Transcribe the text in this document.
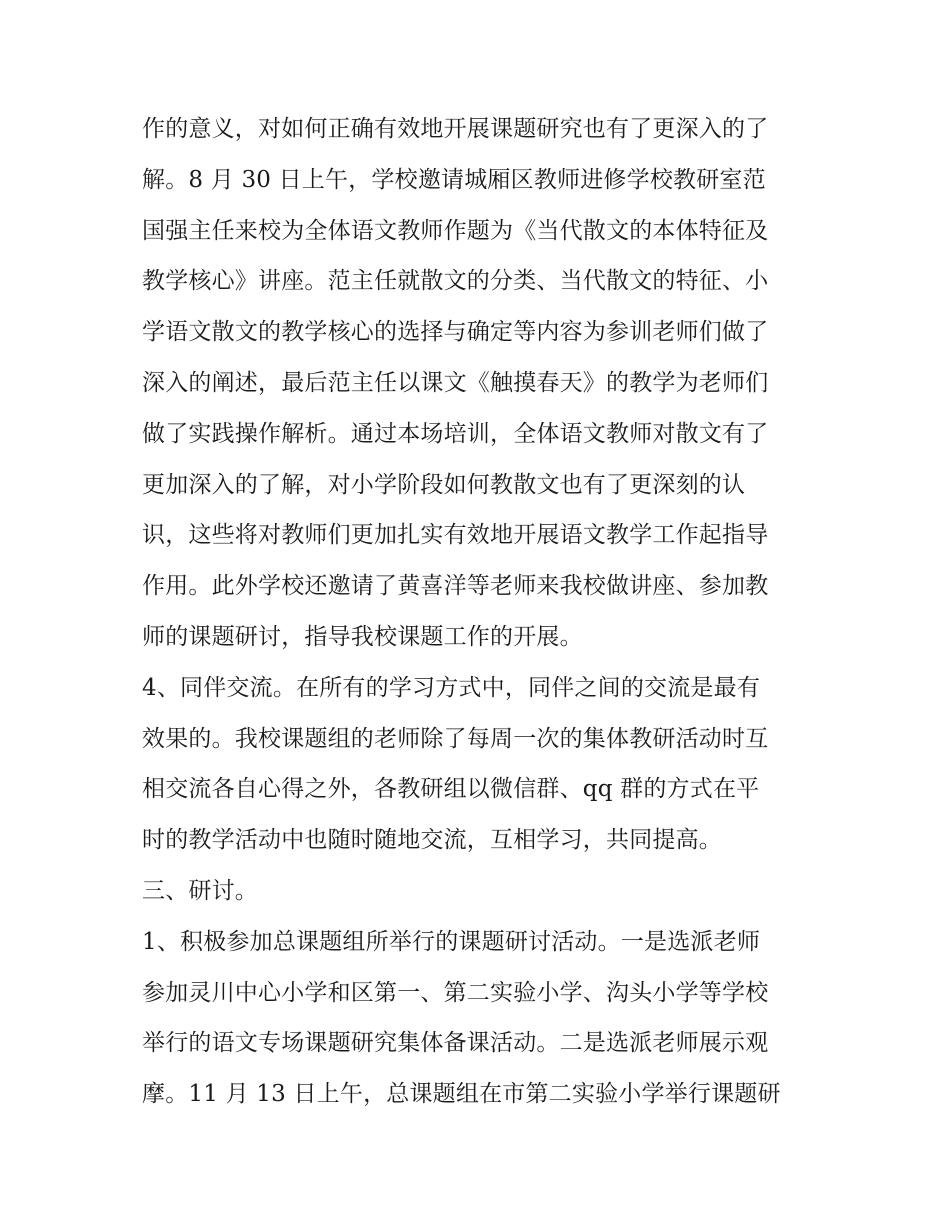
作的意义，对如何正确有效地开展课题研究也有了更深入的了
解。8 月 30 日上午，学校邀请城厢区教师进修学校教研室范
国强主任来校为全体语文教师作题为《当代散文的本体特征及
教学核心》讲座。范主任就散文的分类、当代散文的特征、小
学语文散文的教学核心的选择与确定等内容为参训老师们做了
深入的阐述，最后范主任以课文《触摸春天》的教学为老师们
做了实践操作解析。通过本场培训，全体语文教师对散文有了
更加深入的了解，对小学阶段如何教散文也有了更深刻的认
识，这些将对教师们更加扎实有效地开展语文教学工作起指导
作用。此外学校还邀请了黄喜洋等老师来我校做讲座、参加教
师的课题研讨，指导我校课题工作的开展。
4、同伴交流。在所有的学习方式中，同伴之间的交流是最有
效果的。我校课题组的老师除了每周一次的集体教研活动时互
相交流各自心得之外，各教研组以微信群、qq 群的方式在平
时的教学活动中也随时随地交流，互相学习，共同提高。
三、研讨。
1、积极参加总课题组所举行的课题研讨活动。一是选派老师
参加灵川中心小学和区第一、第二实验小学、沟头小学等学校
举行的语文专场课题研究集体备课活动。二是选派老师展示观
摩。11 月 13 日上午，总课题组在市第二实验小学举行课题研
